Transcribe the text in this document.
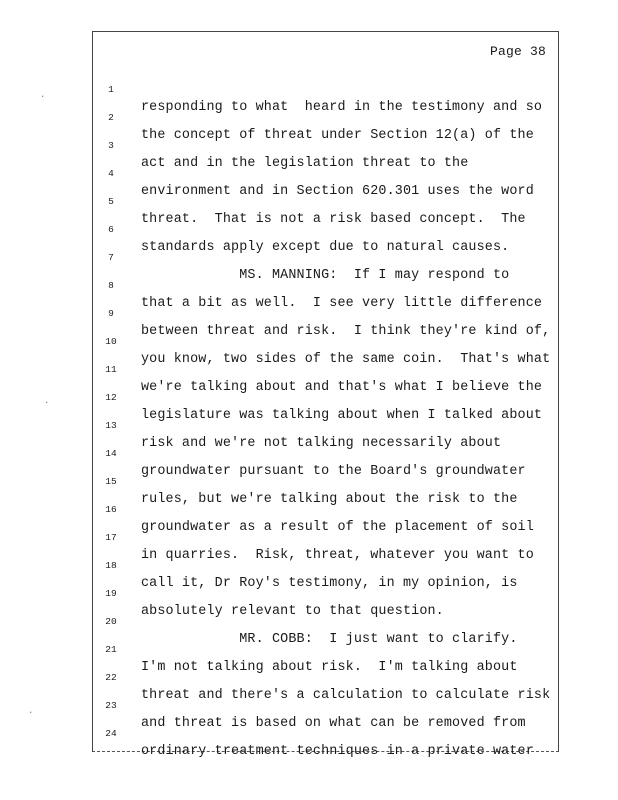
Page 38

1

responding to what  heard in the testimony and so

2

the concept of threat under Section 12(a) of the

3

act and in the legislation threat to the

4

environment and in Section 620.301 uses the word

5

threat.  That is not a risk based concept.  The

6

standards apply except due to natural causes.

7

MS. MANNING:  If I may respond to

8

that a bit as well.  I see very little difference

9

between threat and risk.  I think they're kind of,

10

you know, two sides of the same coin.  That's what

11

we're talking about and that's what I believe the

12

legislature was talking about when I talked about

13

risk and we're not talking necessarily about

14

groundwater pursuant to the Board's groundwater

15

rules, but we're talking about the risk to the

16

groundwater as a result of the placement of soil

17

in quarries.  Risk, threat, whatever you want to

18

call it, Dr Roy's testimony, in my opinion, is

19

absolutely relevant to that question.

20

MR. COBB:  I just want to clarify.

21

I'm not talking about risk.  I'm talking about

22

threat and there's a calculation to calculate risk

23

and threat is based on what can be removed from

24

ordinary treatment techniques in a private water

·
·
·
